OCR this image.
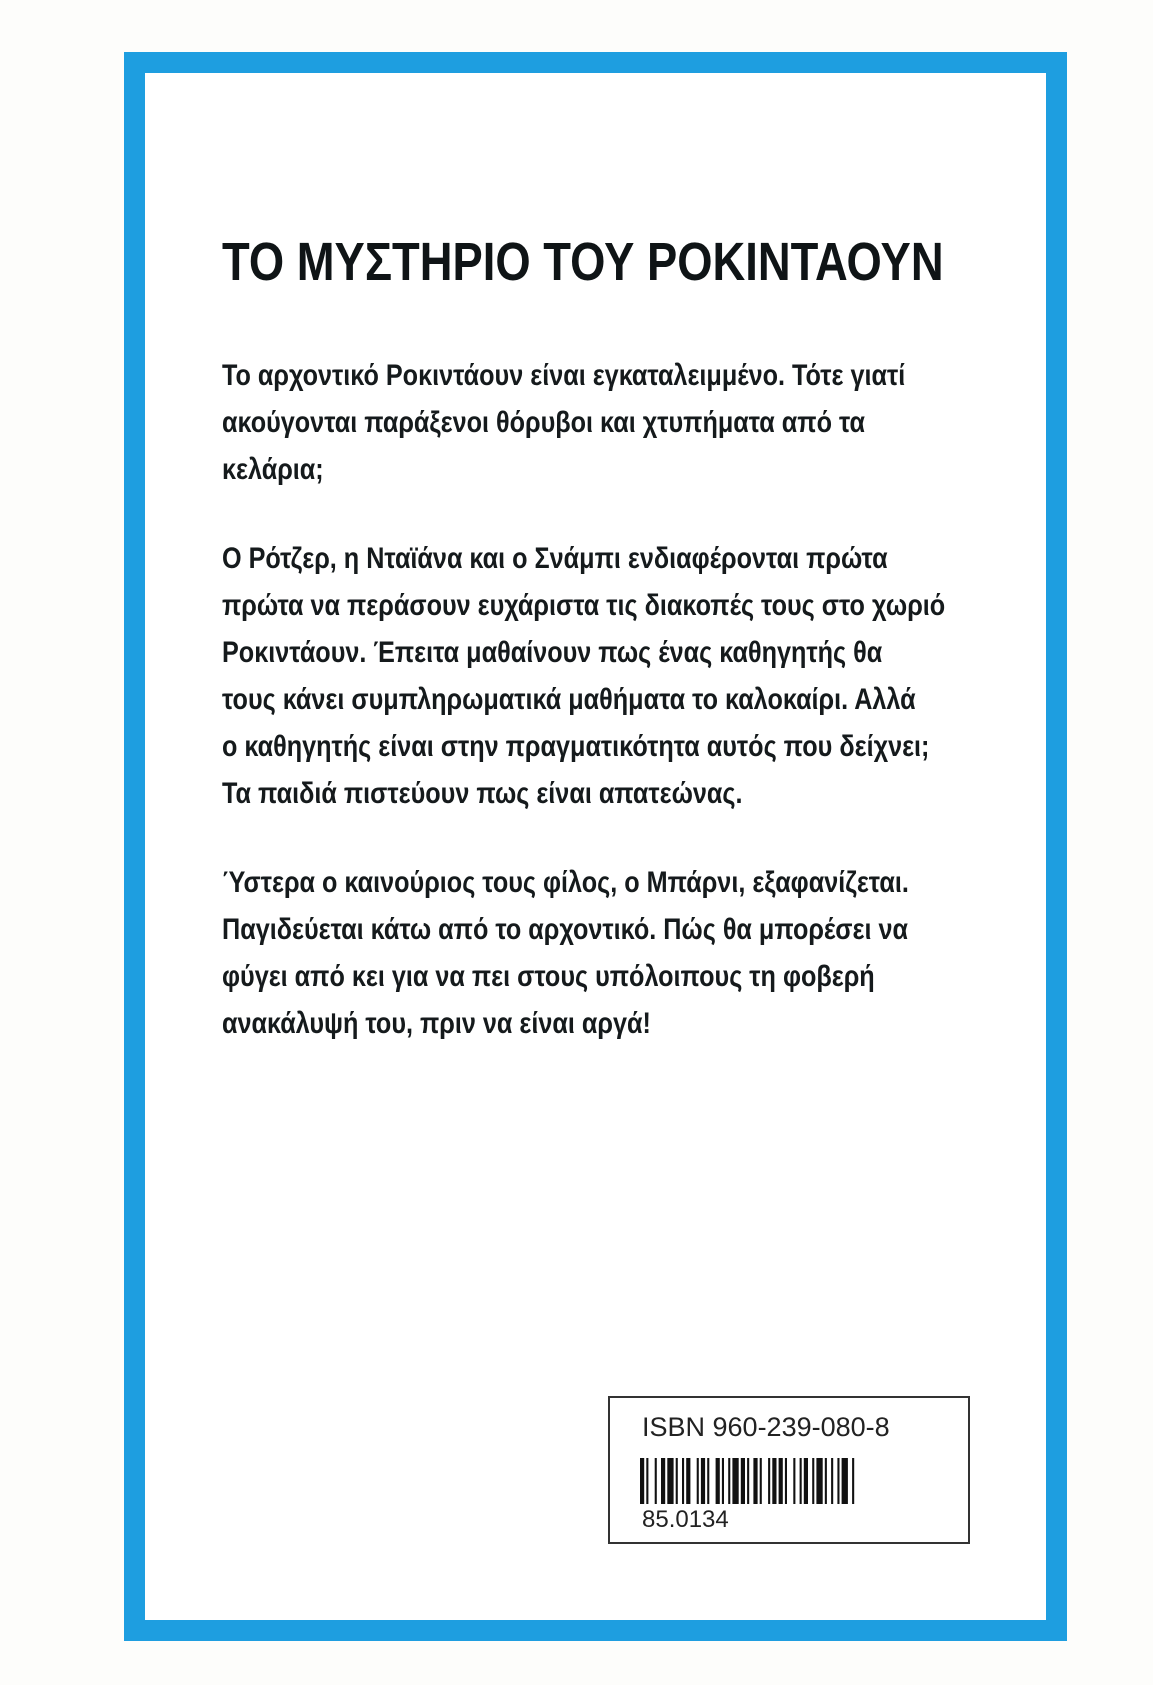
ΤΟ ΜΥΣΤΗΡΙΟ ΤΟΥ ΡΟΚΙΝΤΑΟΥΝ

Το αρχοντικό Ροκιντάουν είναι εγκαταλειμμένο. Τότε γιατί
ακούγονται παράξενοι θόρυβοι και χτυπήματα από τα
κελάρια;

Ο Ρότζερ, η Νταϊάνα και ο Σνάμπι ενδιαφέρονται πρώτα
πρώτα να περάσουν ευχάριστα τις διακοπές τους στο χωριό
Ροκιντάουν. Έπειτα μαθαίνουν πως ένας καθηγητής θα
τους κάνει συμπληρωματικά μαθήματα το καλοκαίρι. Αλλά
ο καθηγητής είναι στην πραγματικότητα αυτός που δείχνει;
Τα παιδιά πιστεύουν πως είναι απατεώνας.

Ύστερα ο καινούριος τους φίλος, ο Μπάρνι, εξαφανίζεται.
Παγιδεύεται κάτω από το αρχοντικό. Πώς θα μπορέσει να
φύγει από κει για να πει στους υπόλοιπους τη φοβερή
ανακάλυψή του, πριν να είναι αργά!

ISBN 960-239-080-8
85.0134
